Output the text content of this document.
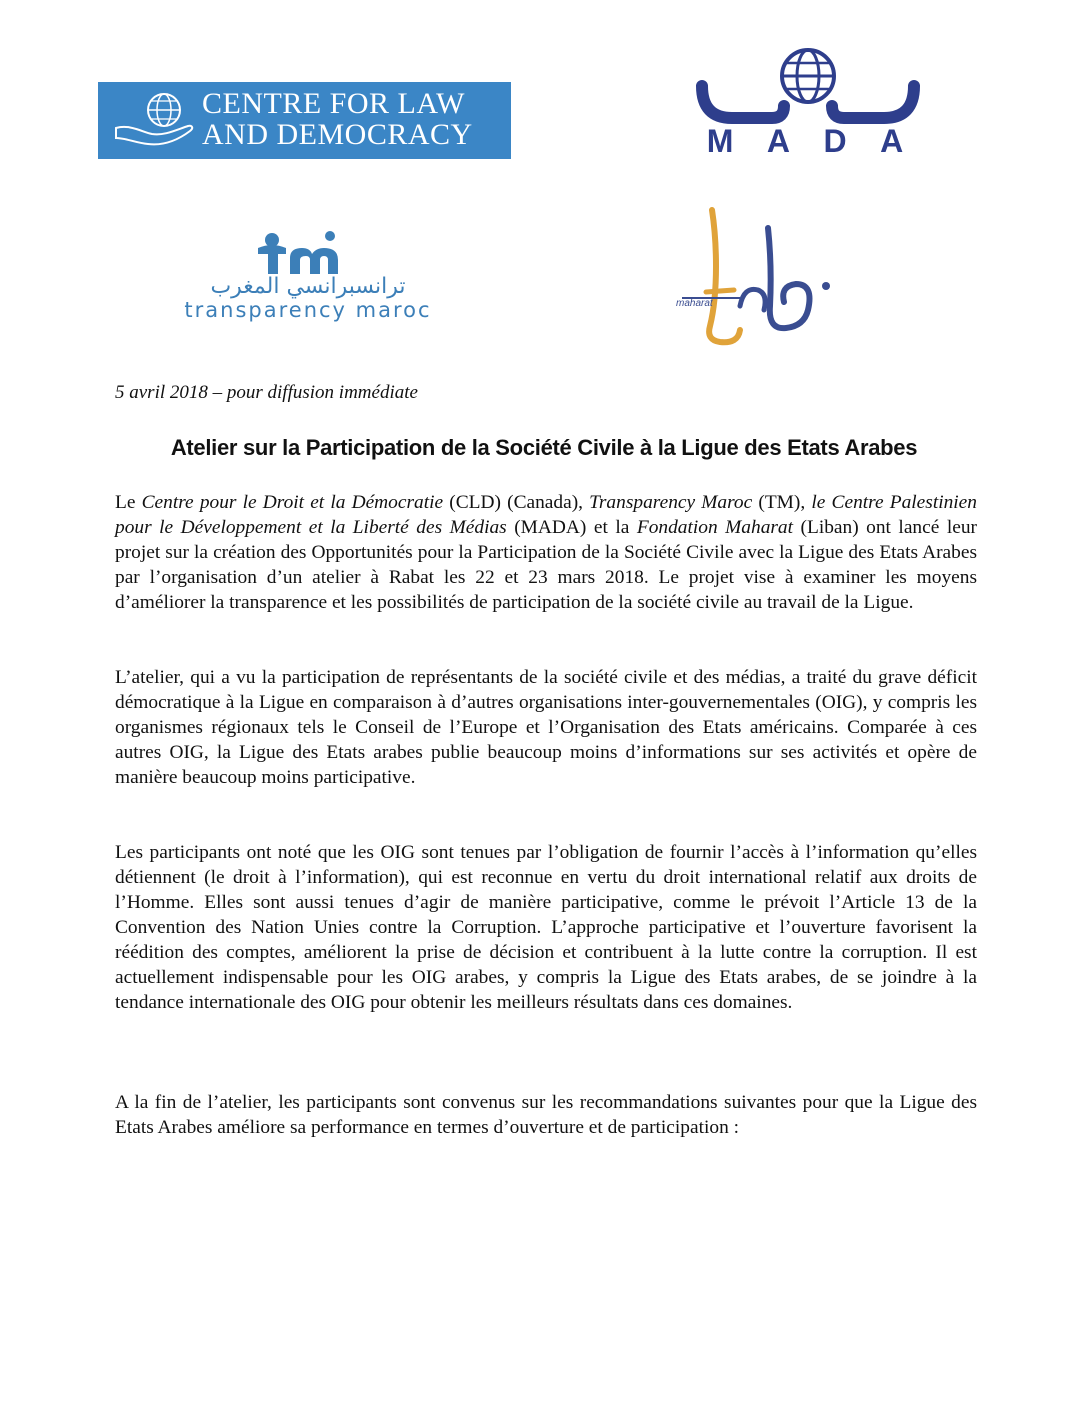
CENTRE FOR LAW
AND DEMOCRACY	M A D A
ترانسبرانسي المغرب
transparency maroc	maharat
5 avril 2018 – pour diffusion immédiate
Atelier sur la Participation de la Société Civile à la Ligue des Etats Arabes

Le Centre pour le Droit et la Démocratie (CLD) (Canada), Transparency Maroc (TM), le Centre Palestinien pour le Développement et la Liberté des Médias (MADA) et la Fondation Maharat (Liban) ont lancé leur projet sur la création des Opportunités pour la Participation de la Société Civile avec la Ligue des Etats Arabes par l’organisation d’un atelier à Rabat les 22 et 23 mars 2018. Le projet vise à examiner les moyens d’améliorer la transparence et les possibilités de participation de la société civile au travail de la Ligue.

L’atelier, qui a vu la participation de représentants de la société civile et des médias, a traité du grave déficit démocratique à la Ligue en comparaison à d’autres organisations inter-gouvernementales (OIG), y compris les organismes régionaux tels le Conseil de l’Europe et l’Organisation des Etats américains. Comparée à ces autres OIG, la Ligue des Etats arabes publie beaucoup moins d’informations sur ses activités et opère de manière beaucoup moins participative.

Les participants ont noté que les OIG sont tenues par l’obligation de fournir l’accès à l’information qu’elles détiennent (le droit à l’information), qui est reconnue en vertu du droit international relatif aux droits de l’Homme. Elles sont aussi tenues d’agir de manière participative, comme le prévoit l’Article 13 de la Convention des Nation Unies contre la Corruption. L’approche participative et l’ouverture favorisent la réédition des comptes, améliorent la prise de décision et contribuent à la lutte contre la corruption. Il est actuellement indispensable pour les OIG arabes, y compris la Ligue des Etats arabes, de se joindre à la tendance internationale des OIG pour obtenir les meilleurs résultats dans ces domaines.

A la fin de l’atelier, les participants sont convenus sur les recommandations suivantes pour que la Ligue des Etats Arabes améliore sa performance en termes d’ouverture et de participation :
